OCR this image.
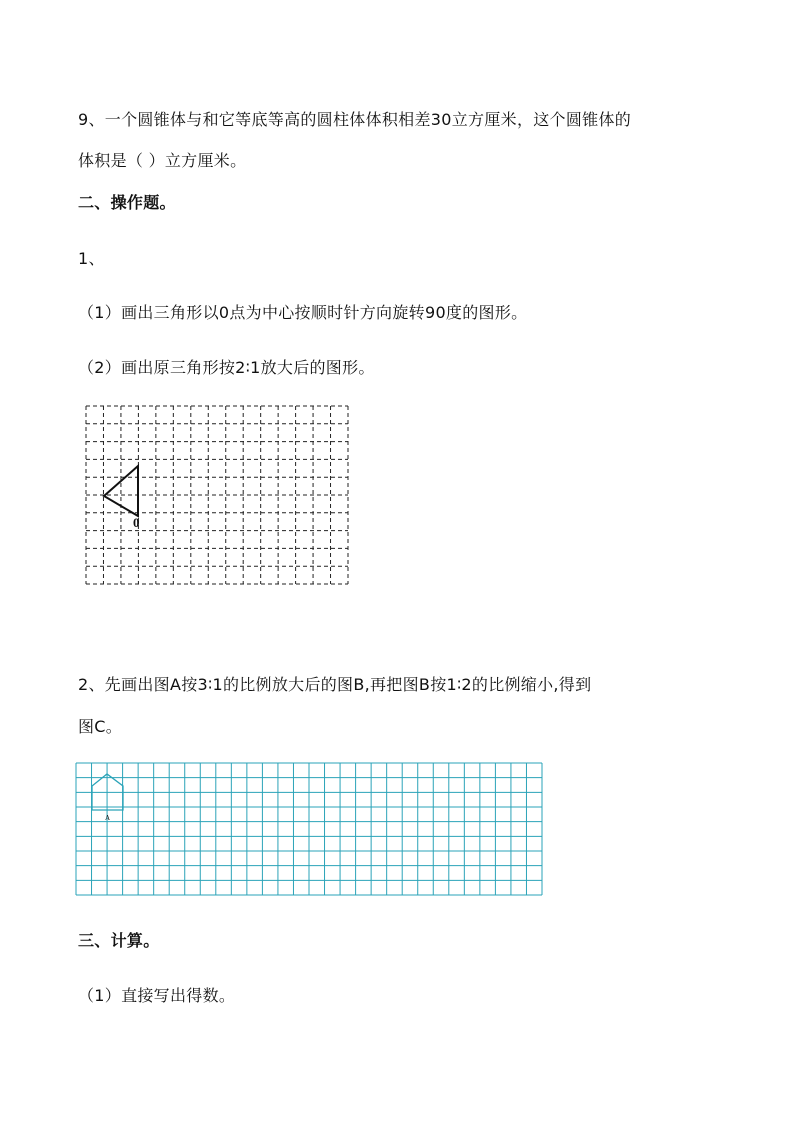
9、一个圆锥体与和它等底等高的圆柱体体积相差30立方厘米，这个圆锥体的
体积是（ ）立方厘米。
二、操作题。
1、
（1）画出三角形以0点为中心按顺时针方向旋转90度的图形。
（2）画出原三角形按2∶1放大后的图形。
0
2、先画出图A按3∶1的比例放大后的图B,再把图B按1∶2的比例缩小,得到
图C。
A
三、计算。
（1）直接写出得数。
